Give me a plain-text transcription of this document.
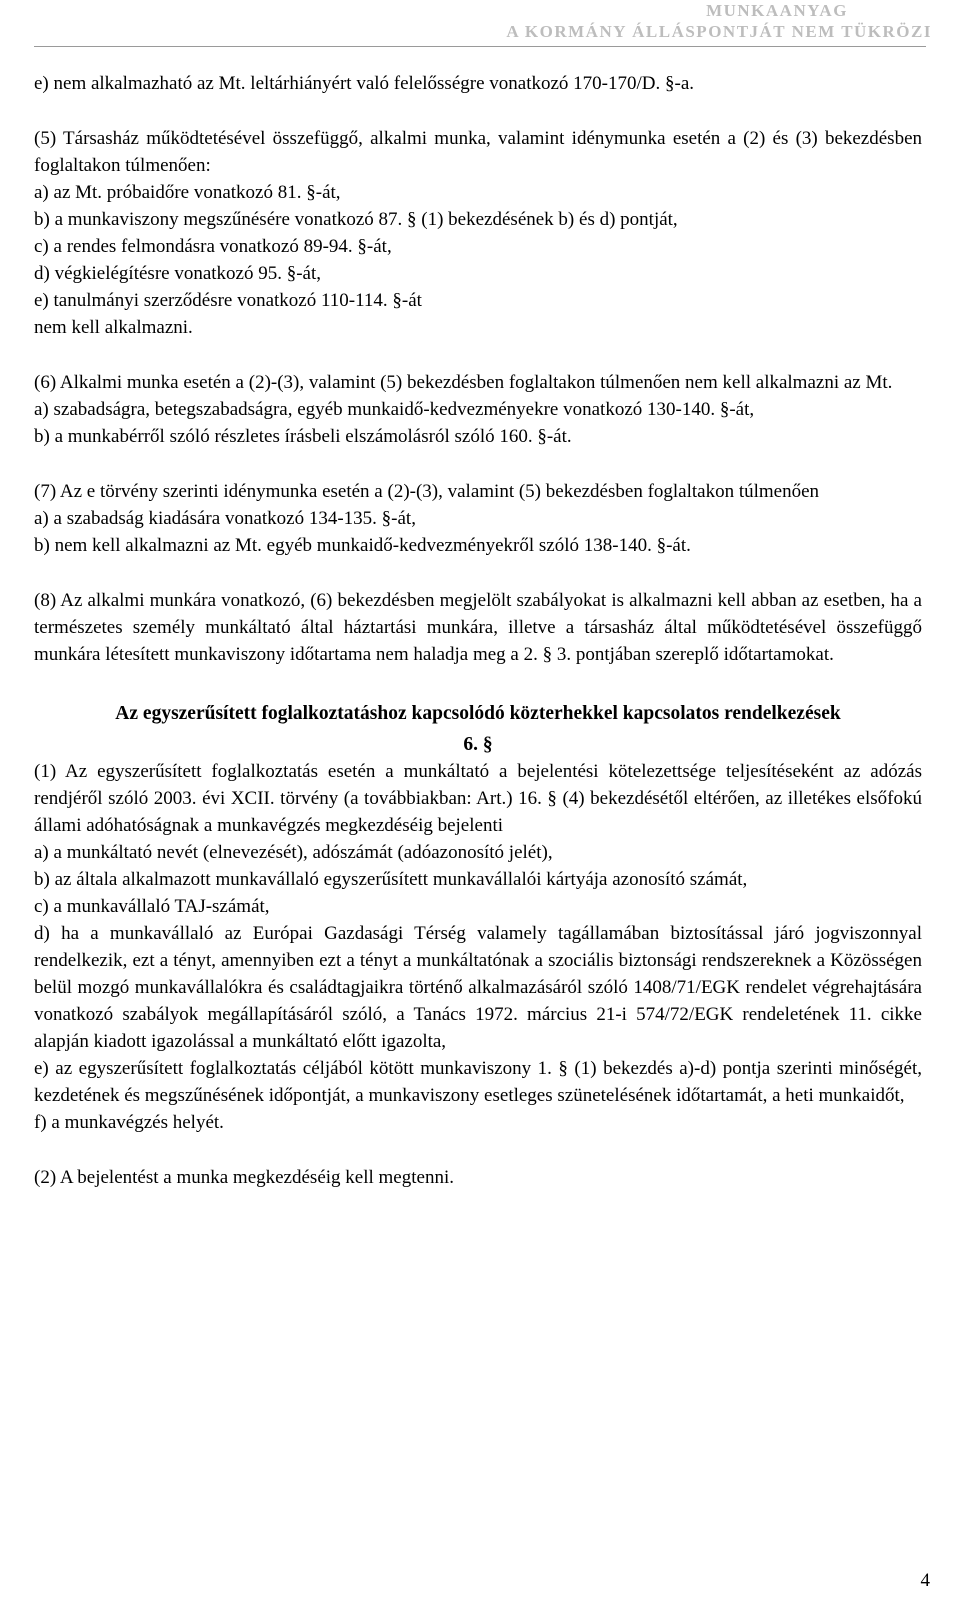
MUNKAANYAG
A KORMÁNY ÁLLÁSPONTJÁT NEM TÜKRÖZI

e) nem alkalmazható az Mt. leltárhiányért való felelősségre vonatkozó 170-170/D. §-a.

(5) Társasház működtetésével összefüggő, alkalmi munka, valamint idénymunka esetén a (2) és (3) bekezdésben foglaltakon túlmenően:

a) az Mt. próbaidőre vonatkozó 81. §-át,

b) a munkaviszony megszűnésére vonatkozó 87. § (1) bekezdésének b) és d) pontját,

c) a rendes felmondásra vonatkozó 89-94. §-át,

d) végkielégítésre vonatkozó 95. §-át,

e) tanulmányi szerződésre vonatkozó 110-114. §-át

nem kell alkalmazni.

(6) Alkalmi munka esetén a (2)-(3), valamint (5) bekezdésben foglaltakon túlmenően nem kell alkalmazni az Mt.

a) szabadságra, betegszabadságra, egyéb munkaidő-kedvezményekre vonatkozó 130-140. §-át,

b) a munkabérről szóló részletes írásbeli elszámolásról szóló 160. §-át.

(7) Az e törvény szerinti idénymunka esetén a (2)-(3), valamint (5) bekezdésben foglaltakon túlmenően

a) a szabadság kiadására vonatkozó 134-135. §-át,

b) nem kell alkalmazni az Mt. egyéb munkaidő-kedvezményekről szóló 138-140. §-át.

(8) Az alkalmi munkára vonatkozó, (6) bekezdésben megjelölt szabályokat is alkalmazni kell abban az esetben, ha a természetes személy munkáltató által háztartási munkára, illetve a társasház által működtetésével összefüggő munkára létesített munkaviszony időtartama nem haladja meg a 2. § 3. pontjában szereplő időtartamokat.

Az egyszerűsített foglalkoztatáshoz kapcsolódó közterhekkel kapcsolatos rendelkezések

6. §

(1) Az egyszerűsített foglalkoztatás esetén a munkáltató a bejelentési kötelezettsége teljesítéseként az adózás rendjéről szóló 2003. évi XCII. törvény (a továbbiakban: Art.) 16. § (4) bekezdésétől eltérően, az illetékes elsőfokú állami adóhatóságnak a munkavégzés megkezdéséig bejelenti

a) a munkáltató nevét (elnevezését), adószámát (adóazonosító jelét),

b) az általa alkalmazott munkavállaló egyszerűsített munkavállalói kártyája azonosító számát,

c) a munkavállaló TAJ-számát,

d) ha a munkavállaló az Európai Gazdasági Térség valamely tagállamában biztosítással járó jogviszonnyal rendelkezik, ezt a tényt, amennyiben ezt a tényt a munkáltatónak a szociális biztonsági rendszereknek a Közösségen belül mozgó munkavállalókra és családtagjaikra történő alkalmazásáról szóló 1408/71/EGK rendelet végrehajtására vonatkozó szabályok megállapításáról szóló, a Tanács 1972. március 21-i 574/72/EGK rendeletének 11. cikke alapján kiadott igazolással a munkáltató előtt igazolta,

e) az egyszerűsített foglalkoztatás céljából kötött munkaviszony 1. § (1) bekezdés a)-d) pontja szerinti minőségét, kezdetének és megszűnésének időpontját, a munkaviszony esetleges szünetelésének időtartamát, a heti munkaidőt,

f) a munkavégzés helyét.

(2) A bejelentést a munka megkezdéséig kell megtenni.

4
